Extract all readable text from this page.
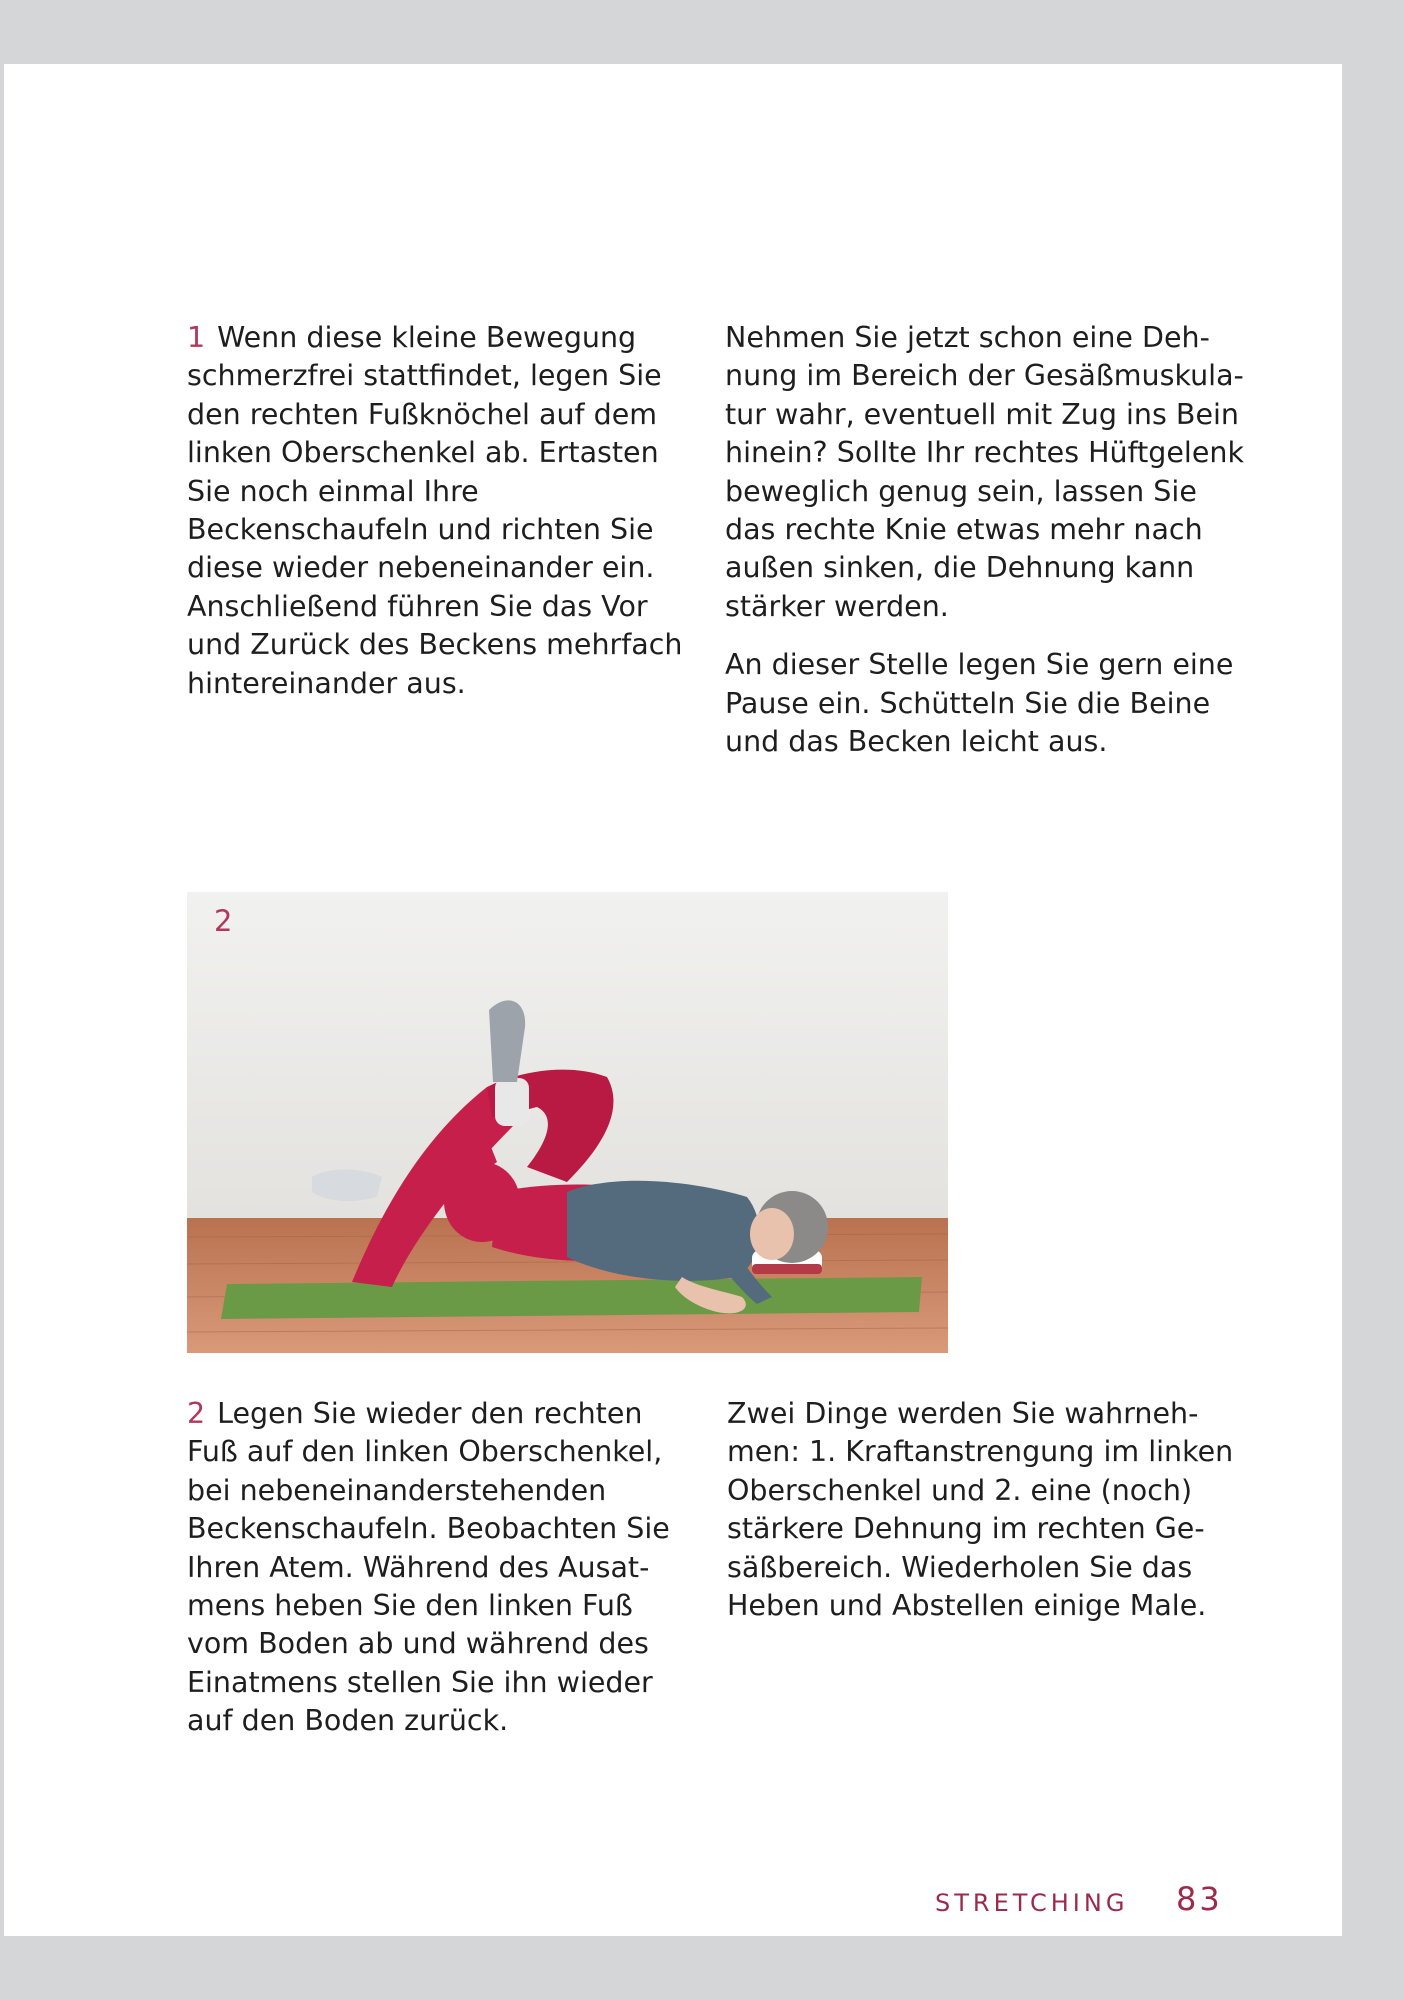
1 Wenn diese kleine Bewegung schmerzfrei stattfindet, legen Sie den rechten Fußknöchel auf dem linken Oberschenkel ab. Ertasten Sie noch einmal Ihre Beckenschaufeln und richten Sie diese wieder nebeneinander ein. Anschließend führen Sie das Vor und Zurück des Beckens mehrfach hintereinander aus.

Nehmen Sie jetzt schon eine Dehnung im Bereich der Gesäßmuskulatur wahr, eventuell mit Zug ins Bein hinein? Sollte Ihr rechtes Hüftgelenk beweglich genug sein, lassen Sie das rechte Knie etwas mehr nach außen sinken, die Dehnung kann stärker werden.

An dieser Stelle legen Sie gern eine Pause ein. Schütteln Sie die Beine und das Becken leicht aus.

2

2 Legen Sie wieder den rechten Fuß auf den linken Oberschenkel, bei nebeneinanderstehenden Beckenschaufeln. Beobachten Sie Ihren Atem. Während des Ausatmens heben Sie den linken Fuß vom Boden ab und während des Einatmens stellen Sie ihn wieder auf den Boden zurück.

Zwei Dinge werden Sie wahrnehmen: 1. Kraftanstrengung im linken Oberschenkel und 2. eine (noch) stärkere Dehnung im rechten Gesäßbereich. Wiederholen Sie das Heben und Abstellen einige Male.

STRETCHING 83
